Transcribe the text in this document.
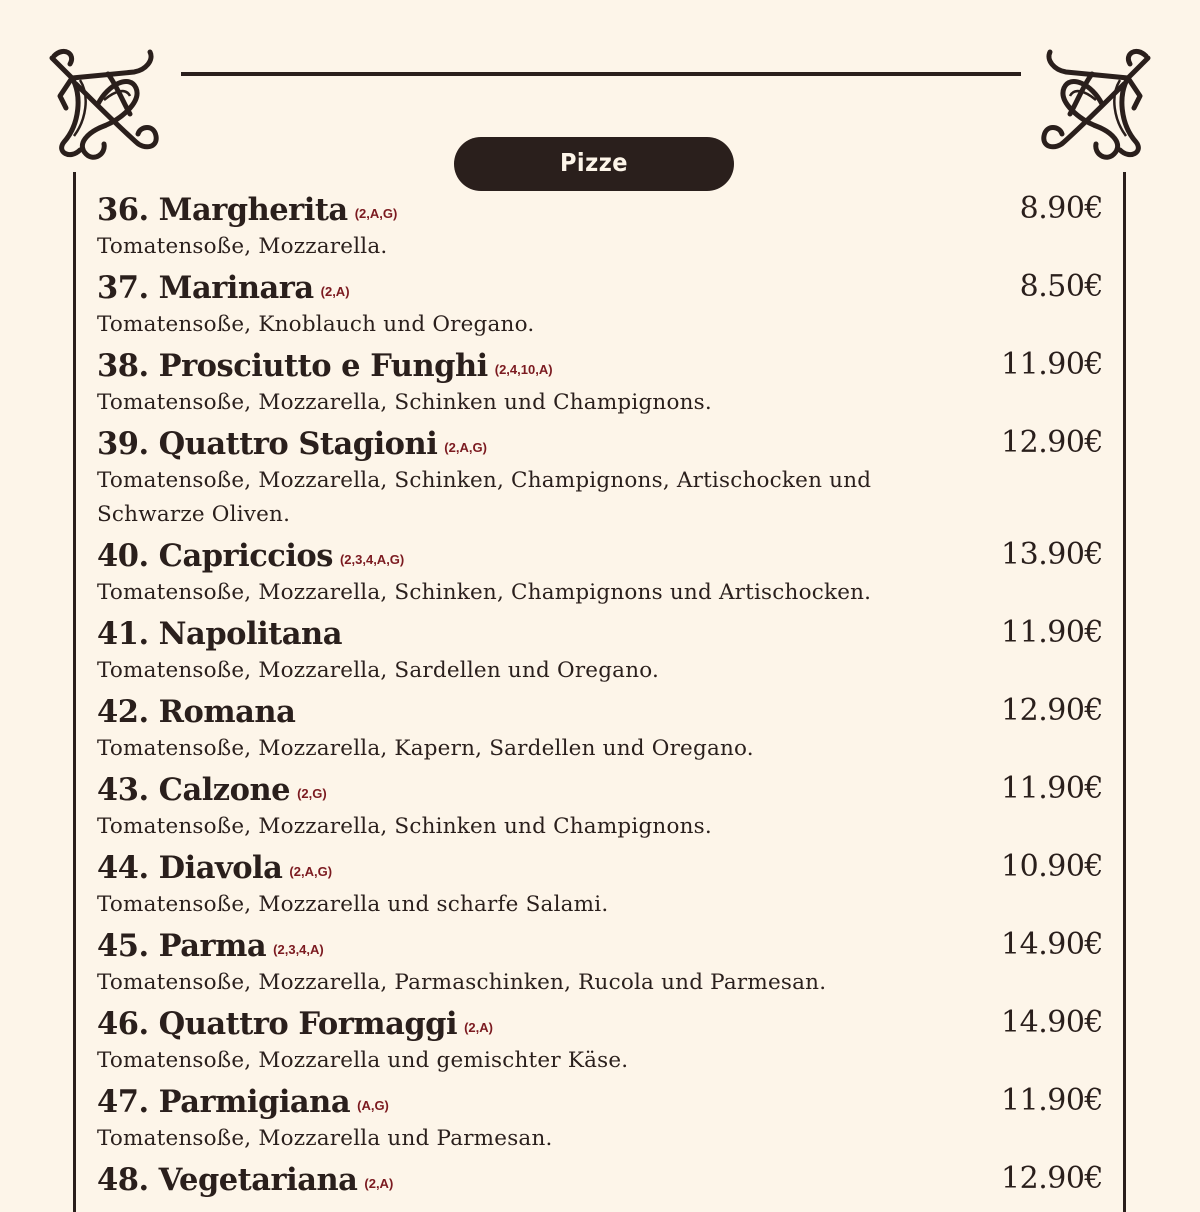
Pizze
36. Margherita (2,A,G)	8.90€
Tomatensoße, Mozzarella.
37. Marinara (2,A)	8.50€
Tomatensoße, Knoblauch und Oregano.
38. Prosciutto e Funghi (2,4,10,A)	11.90€
Tomatensoße, Mozzarella, Schinken und Champignons.
39. Quattro Stagioni (2,A,G)	12.90€
Tomatensoße, Mozzarella, Schinken, Champignons, Artischocken und Schwarze Oliven.
40. Capriccios (2,3,4,A,G)	13.90€
Tomatensoße, Mozzarella, Schinken, Champignons und Artischocken.
41. Napolitana	11.90€
Tomatensoße, Mozzarella, Sardellen und Oregano.
42. Romana	12.90€
Tomatensoße, Mozzarella, Kapern, Sardellen und Oregano.
43. Calzone (2,G)	11.90€
Tomatensoße, Mozzarella, Schinken und Champignons.
44. Diavola (2,A,G)	10.90€
Tomatensoße, Mozzarella und scharfe Salami.
45. Parma (2,3,4,A)	14.90€
Tomatensoße, Mozzarella, Parmaschinken, Rucola und Parmesan.
46. Quattro Formaggi (2,A)	14.90€
Tomatensoße, Mozzarella und gemischter Käse.
47. Parmigiana (A,G)	11.90€
Tomatensoße, Mozzarella und Parmesan.
48. Vegetariana (2,A)	12.90€
